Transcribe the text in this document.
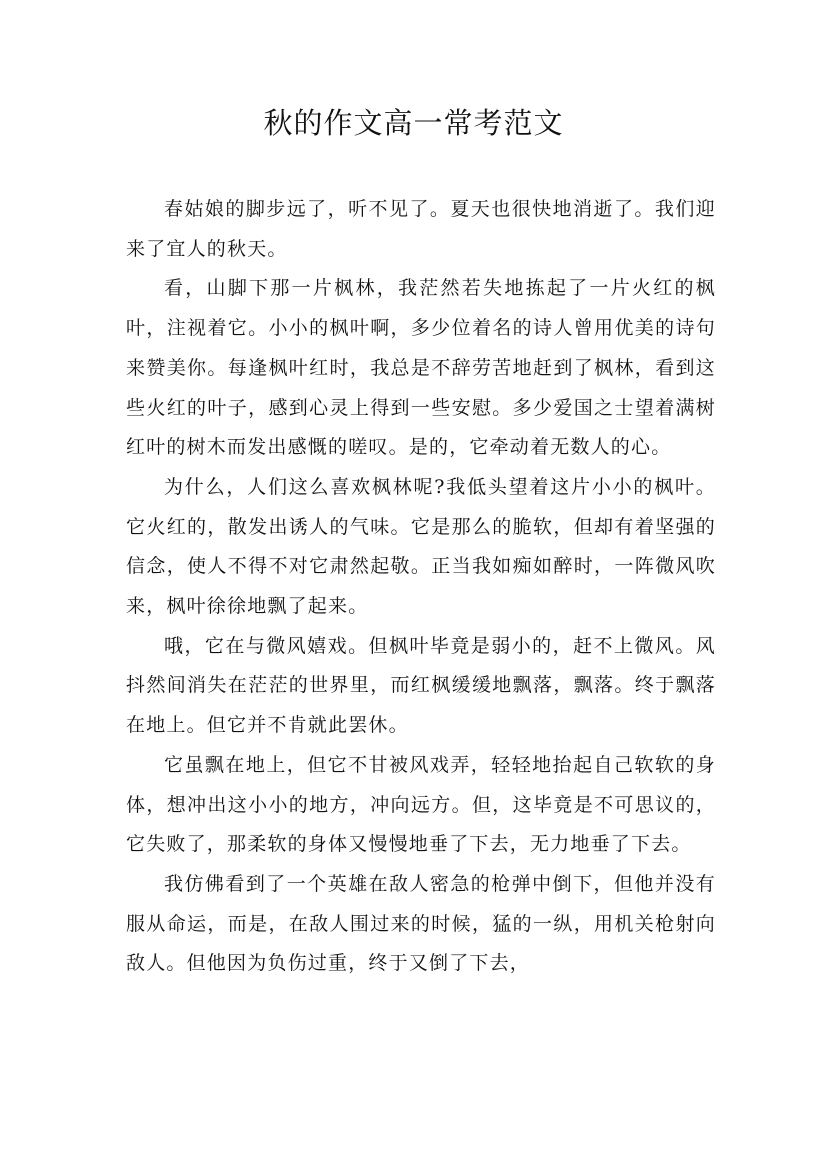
秋的作文高一常考范文

春姑娘的脚步远了，听不见了。夏天也很快地消逝了。我们迎来了宜人的秋天。

看，山脚下那一片枫林，我茫然若失地拣起了一片火红的枫叶，注视着它。小小的枫叶啊，多少位着名的诗人曾用优美的诗句来赞美你。每逢枫叶红时，我总是不辞劳苦地赶到了枫林，看到这些火红的叶子，感到心灵上得到一些安慰。多少爱国之士望着满树红叶的树木而发出感慨的嗟叹。是的，它牵动着无数人的心。

为什么，人们这么喜欢枫林呢?我低头望着这片小小的枫叶。它火红的，散发出诱人的气味。它是那么的脆软，但却有着坚强的信念，使人不得不对它肃然起敬。正当我如痴如醉时，一阵微风吹来，枫叶徐徐地飘了起来。

哦，它在与微风嬉戏。但枫叶毕竟是弱小的，赶不上微风。风抖然间消失在茫茫的世界里，而红枫缓缓地飘落，飘落。终于飘落在地上。但它并不肯就此罢休。

它虽飘在地上，但它不甘被风戏弄，轻轻地抬起自己软软的身体，想冲出这小小的地方，冲向远方。但，这毕竟是不可思议的，它失败了，那柔软的身体又慢慢地垂了下去，无力地垂了下去。

我仿佛看到了一个英雄在敌人密急的枪弹中倒下，但他并没有服从命运，而是，在敌人围过来的时候，猛的一纵，用机关枪射向敌人。但他因为负伤过重，终于又倒了下去，
